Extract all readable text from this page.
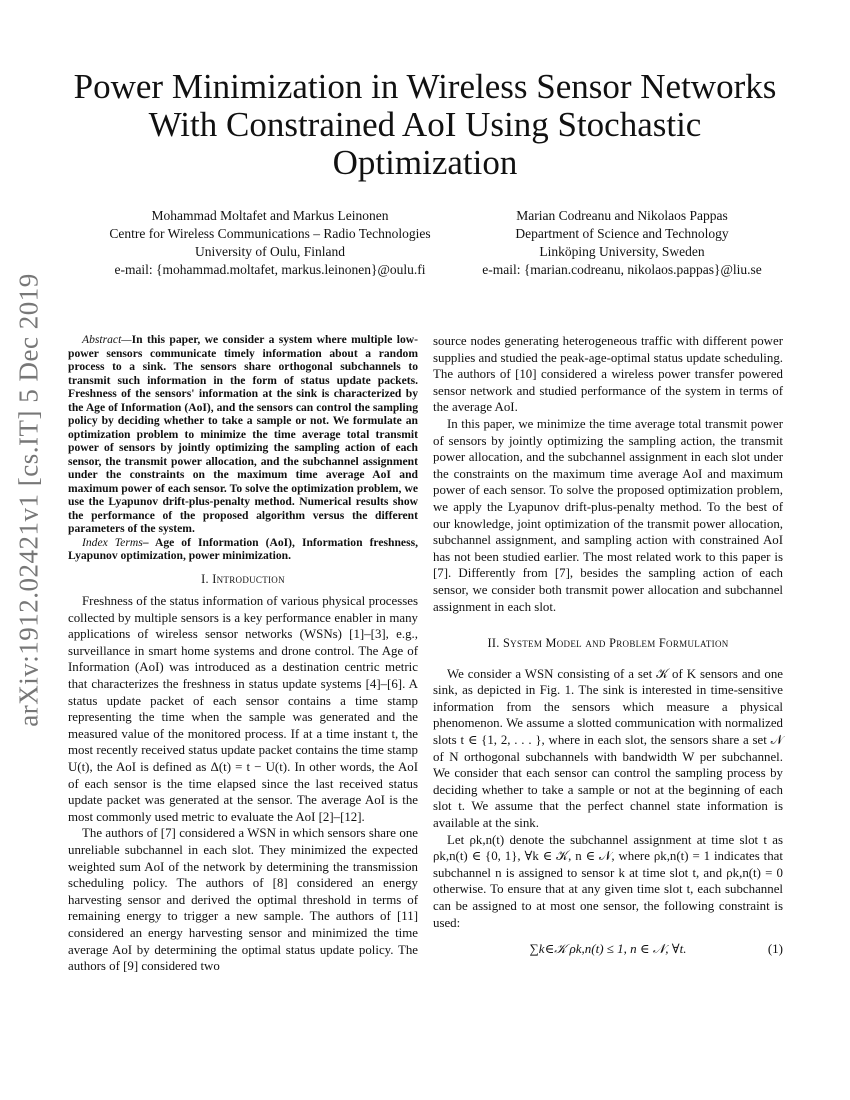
arXiv:1912.02421v1 [cs.IT] 5 Dec 2019
Power Minimization in Wireless Sensor Networks With Constrained AoI Using Stochastic Optimization
Mohammad Moltafet and Markus Leinonen
Centre for Wireless Communications – Radio Technologies
University of Oulu, Finland
e-mail: {mohammad.moltafet, markus.leinonen}@oulu.fi
Marian Codreanu and Nikolaos Pappas
Department of Science and Technology
Linköping University, Sweden
e-mail: {marian.codreanu, nikolaos.pappas}@liu.se

Abstract—In this paper, we consider a system where multiple low-power sensors communicate timely information about a random process to a sink. The sensors share orthogonal subchannels to transmit such information in the form of status update packets. Freshness of the sensors' information at the sink is characterized by the Age of Information (AoI), and the sensors can control the sampling policy by deciding whether to take a sample or not. We formulate an optimization problem to minimize the time average total transmit power of sensors by jointly optimizing the sampling action of each sensor, the transmit power allocation, and the subchannel assignment under the constraints on the maximum time average AoI and maximum power of each sensor. To solve the optimization problem, we use the Lyapunov drift-plus-penalty method. Numerical results show the performance of the proposed algorithm versus the different parameters of the system.

Index Terms– Age of Information (AoI), Information freshness, Lyapunov optimization, power minimization.

I. Introduction

Freshness of the status information of various physical processes collected by multiple sensors is a key performance enabler in many applications of wireless sensor networks (WSNs) [1]–[3], e.g., surveillance in smart home systems and drone control. The Age of Information (AoI) was introduced as a destination centric metric that characterizes the freshness in status update systems [4]–[6]. A status update packet of each sensor contains a time stamp representing the time when the sample was generated and the measured value of the monitored process. If at a time instant t, the most recently received status update packet contains the time stamp U(t), the AoI is defined as Δ(t) = t − U(t). In other words, the AoI of each sensor is the time elapsed since the last received status update packet was generated at the sensor. The average AoI is the most commonly used metric to evaluate the AoI [2]–[12].

The authors of [7] considered a WSN in which sensors share one unreliable subchannel in each slot. They minimized the expected weighted sum AoI of the network by determining the transmission scheduling policy. The authors of [8] considered an energy harvesting sensor and derived the optimal threshold in terms of remaining energy to trigger a new sample. The authors of [11] considered an energy harvesting sensor and minimized the time average AoI by determining the optimal status update policy. The authors of [9] considered two

source nodes generating heterogeneous traffic with different power supplies and studied the peak-age-optimal status update scheduling. The authors of [10] considered a wireless power transfer powered sensor network and studied performance of the system in terms of the average AoI.

In this paper, we minimize the time average total transmit power of sensors by jointly optimizing the sampling action, the transmit power allocation, and the subchannel assignment in each slot under the constraints on the maximum time average AoI and maximum power of each sensor. To solve the proposed optimization problem, we apply the Lyapunov drift-plus-penalty method. To the best of our knowledge, joint optimization of the transmit power allocation, subchannel assignment, and sampling action with constrained AoI has not been studied earlier. The most related work to this paper is [7]. Differently from [7], besides the sampling action of each sensor, we consider both transmit power allocation and subchannel assignment in each slot.

II. System Model and Problem Formulation

We consider a WSN consisting of a set 𝒦 of K sensors and one sink, as depicted in Fig. 1. The sink is interested in time-sensitive information from the sensors which measure a physical phenomenon. We assume a slotted communication with normalized slots t ∈ {1, 2, . . . }, where in each slot, the sensors share a set 𝒩 of N orthogonal subchannels with bandwidth W per subchannel. We consider that each sensor can control the sampling process by deciding whether to take a sample or not at the beginning of each slot t. We assume that the perfect channel state information is available at the sink.

Let ρk,n(t) denote the subchannel assignment at time slot t as ρk,n(t) ∈ {0, 1}, ∀k ∈ 𝒦, n ∈ 𝒩, where ρk,n(t) = 1 indicates that subchannel n is assigned to sensor k at time slot t, and ρk,n(t) = 0 otherwise. To ensure that at any given time slot t, each subchannel can be assigned to at most one sensor, the following constraint is used:

∑k∈𝒦 ρk,n(t) ≤ 1, n ∈ 𝒩, ∀t.	(1)
